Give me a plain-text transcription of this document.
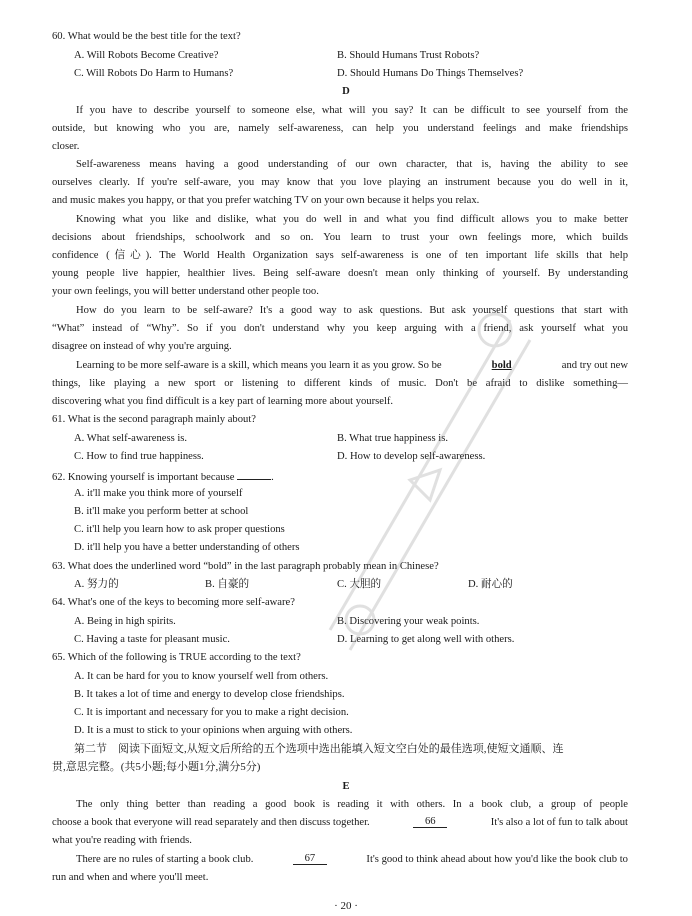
60. What would be the best title for the text?
A. Will Robots Become Creative?	B. Should Humans Trust Robots?
C. Will Robots Do Harm to Humans?	D. Should Humans Do Things Themselves?
D
If you have to describe yourself to someone else, what will you say? It can be difficult to see yourself from the
outside, but knowing who you are, namely self-awareness, can help you understand feelings and make friendships
closer.
Self-awareness means having a good understanding of our own character, that is, having the ability to see
ourselves clearly. If you're self-aware, you may know that you love playing an instrument because you do well in it,
and music makes you happy, or that you prefer watching TV on your own because it helps you relax.
Knowing what you like and dislike, what you do well in and what you find difficult allows you to make better
decisions about friendships, schoolwork and so on. You learn to trust your own feelings more, which builds
confidence (信心). The World Health Organization says self-awareness is one of ten important life skills that help
young people live happier, healthier lives. Being self-aware doesn't mean only thinking of yourself. By understanding
your own feelings, you will better understand other people too.
How do you learn to be self-aware? It's a good way to ask questions. But ask yourself questions that start with
“What” instead of “Why”. So if you don't understand why you keep arguing with a friend, ask yourself what you
disagree on instead of why you're arguing.
Learning to be more self-aware is a skill, which means you learn it as you grow. So be	bold	and try out new
things, like playing a new sport or listening to different kinds of music. Don't be afraid to dislike something—
discovering what you find difficult is a key part of learning more about yourself.
61. What is the second paragraph mainly about?
A. What self-awareness is.	B. What true happiness is.
C. How to find true happiness.	D. How to develop self-awareness.
62. Knowing yourself is important because	.
A. it'll make you think more of yourself
B. it'll make you perform better at school
C. it'll help you learn how to ask proper questions
D. it'll help you have a better understanding of others
63. What does the underlined word “bold” in the last paragraph probably mean in Chinese?
A. 努力的	B. 自豪的	C. 大胆的	D. 耐心的
64. What's one of the keys to becoming more self-aware?
A. Being in high spirits.	B. Discovering your weak points.
C. Having a taste for pleasant music.	D. Learning to get along well with others.
65. Which of the following is TRUE according to the text?
A. It can be hard for you to know yourself well from others.
B. It takes a lot of time and energy to develop close friendships.
C. It is important and necessary for you to make a right decision.
D. It is a must to stick to your opinions when arguing with others.
第二节　阅读下面短文,从短文后所给的五个选项中选出能填入短文空白处的最佳选项,使短文通顺、连
贯,意思完整。(共5小题;每小题1分,满分5分)
E
The only thing better than reading a good book is reading it with others. In a book club, a group of people
choose a book that everyone will read separately and then discuss together.	66	It's also a lot of fun to talk about
what you're reading with friends.
There are no rules of starting a book club.	67	It's good to think ahead about how you'd like the book club to
run and when and where you'll meet.
· 20 ·
